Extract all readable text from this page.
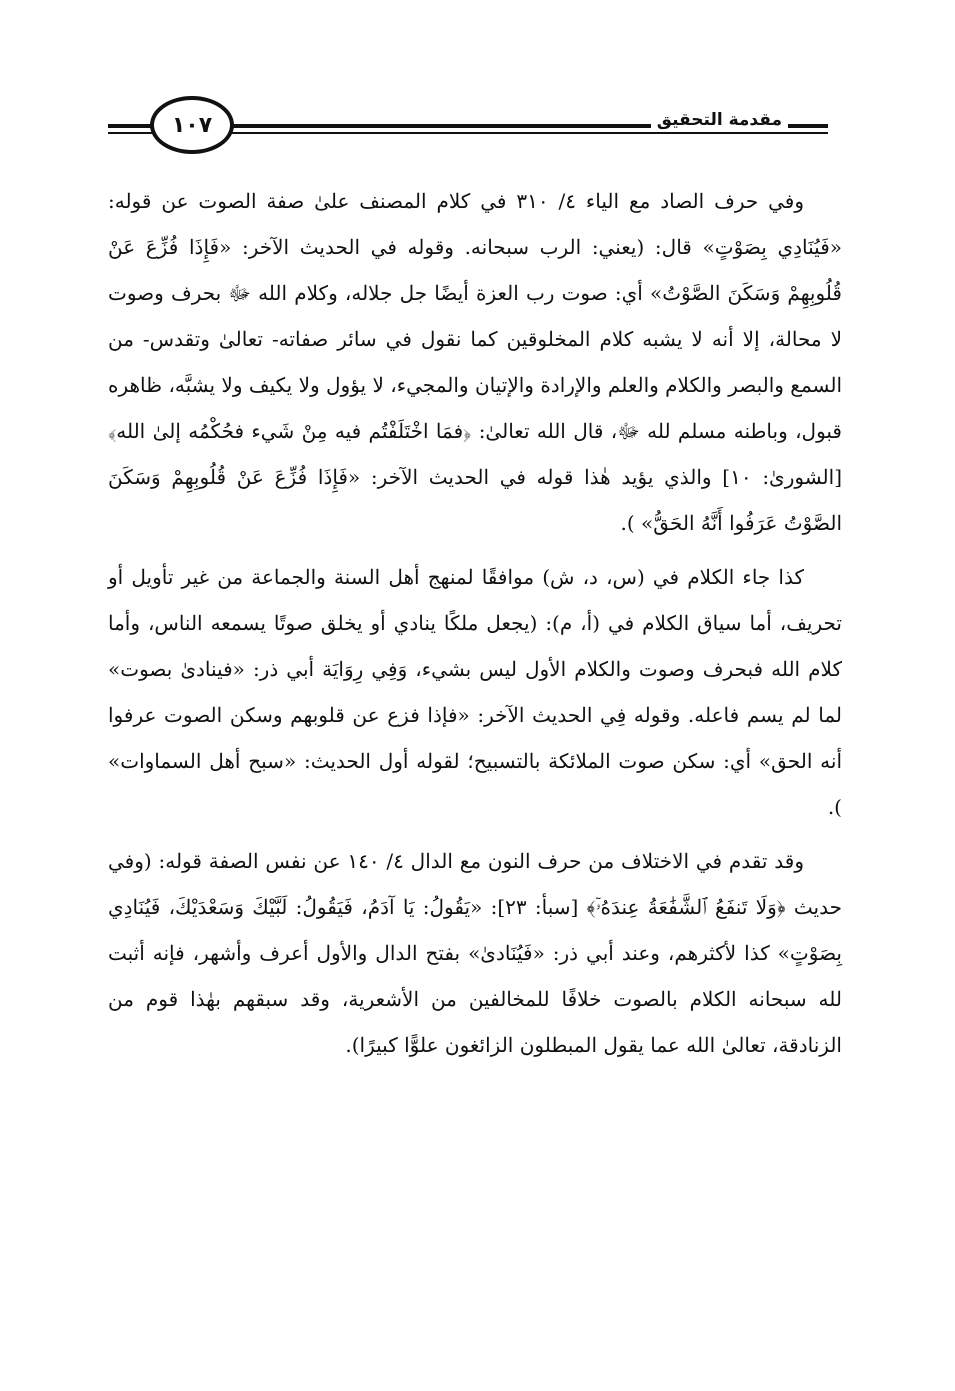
١٠٧	مقدمة التحقيق

وفي حرف الصاد مع الياء ٤/ ٣١٠ في كلام المصنف علىٰ صفة الصوت عن قوله: «فَيُنَادِي بِصَوْتٍ» قال: (يعني: الرب سبحانه. وقوله في الحديث الآخر: «فَإِذَا فُزِّعَ عَنْ قُلُوبِهِمْ وَسَكَنَ الصَّوْتُ» أي: صوت رب العزة أيضًا جل جلاله، وكلام الله ﷻ بحرف وصوت لا محالة، إلا أنه لا يشبه كلام المخلوقين كما نقول في سائر صفاته- تعالىٰ وتقدس- من السمع والبصر والكلام والعلم والإرادة والإتيان والمجيء، لا يؤول ولا يكيف ولا يشبَّه، ظاهره قبول، وباطنه مسلم لله ﷻ، قال الله تعالىٰ: ﴿فمَا اخْتَلَفْتُم فيه مِنْ شَيء فحُكْمُه إلىٰ الله﴾ [الشورىٰ: ١٠] والذي يؤيد هٰذا قوله في الحديث الآخر: «فَإِذَا فُزِّعَ عَنْ قُلُوبِهِمْ وَسَكَنَ الصَّوْتُ عَرَفُوا أَنَّهُ الحَقُّ» ).

كذا جاء الكلام في (س، د، ش) موافقًا لمنهج أهل السنة والجماعة من غير تأويل أو تحريف، أما سياق الكلام في (أ، م): (يجعل ملكًا ينادي أو يخلق صوتًا يسمعه الناس، وأما كلام الله فبحرف وصوت والكلام الأول ليس بشيء، وَفِي رِوَايَة أبي ذر: «فينادىٰ بصوت» لما لم يسم فاعله. وقوله فِي الحديث الآخر: «فإذا فزع عن قلوبهم وسكن الصوت عرفوا أنه الحق» أي: سكن صوت الملائكة بالتسبيح؛ لقوله أول الحديث: «سبح أهل السماوات» ).

وقد تقدم في الاختلاف من حرف النون مع الدال ٤/ ١٤٠ عن نفس الصفة قوله: (وفي حديث ﴿وَلَا تَنفَعُ ٱلشَّفَٰعَةُ عِندَهُۥٓ﴾ [سبأ: ٢٣]: «يَقُولُ: يَا آدَمُ، فَيَقُولُ: لَبَّيْكَ وَسَعْدَيْكَ، فَيُنَادِي بِصَوْتٍ» كذا لأكثرهم، وعند أبي ذر: «فَيُنَادىٰ» بفتح الدال والأول أعرف وأشهر، فإنه أثبت لله سبحانه الكلام بالصوت خلافًا للمخالفين من الأشعرية، وقد سبقهم بهٰذا قوم من الزنادقة، تعالىٰ الله عما يقول المبطلون الزائغون علوًّا كبيرًا).
